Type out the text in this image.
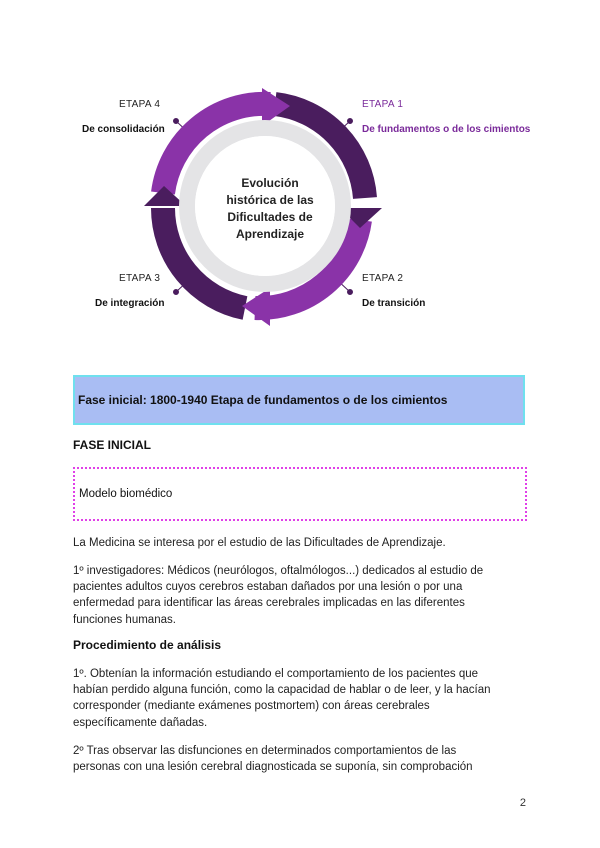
Evolución
histórica de las
Dificultades de
Aprendizaje
ETAPA 4
De consolidación
ETAPA 1
De fundamentos o de los cimientos
ETAPA 3
De integración
ETAPA 2
De transición
Fase inicial: 1800-1940 Etapa de fundamentos o de los cimientos
FASE INICIAL
Modelo biomédico
La Medicina se interesa por el estudio de las Dificultades de Aprendizaje.
1º investigadores: Médicos (neurólogos, oftalmólogos...) dedicados al estudio de
pacientes adultos cuyos cerebros estaban dañados por una lesión o por una
enfermedad para identificar las áreas cerebrales implicadas en las diferentes
funciones humanas.
Procedimiento de análisis
1º. Obtenían la información estudiando el comportamiento de los pacientes que
habían perdido alguna función, como la capacidad de hablar o de leer, y la hacían
corresponder (mediante exámenes postmortem) con áreas cerebrales
específicamente dañadas.
2º Tras observar las disfunciones en determinados comportamientos de las
personas con una lesión cerebral diagnosticada se suponía, sin comprobación
2
